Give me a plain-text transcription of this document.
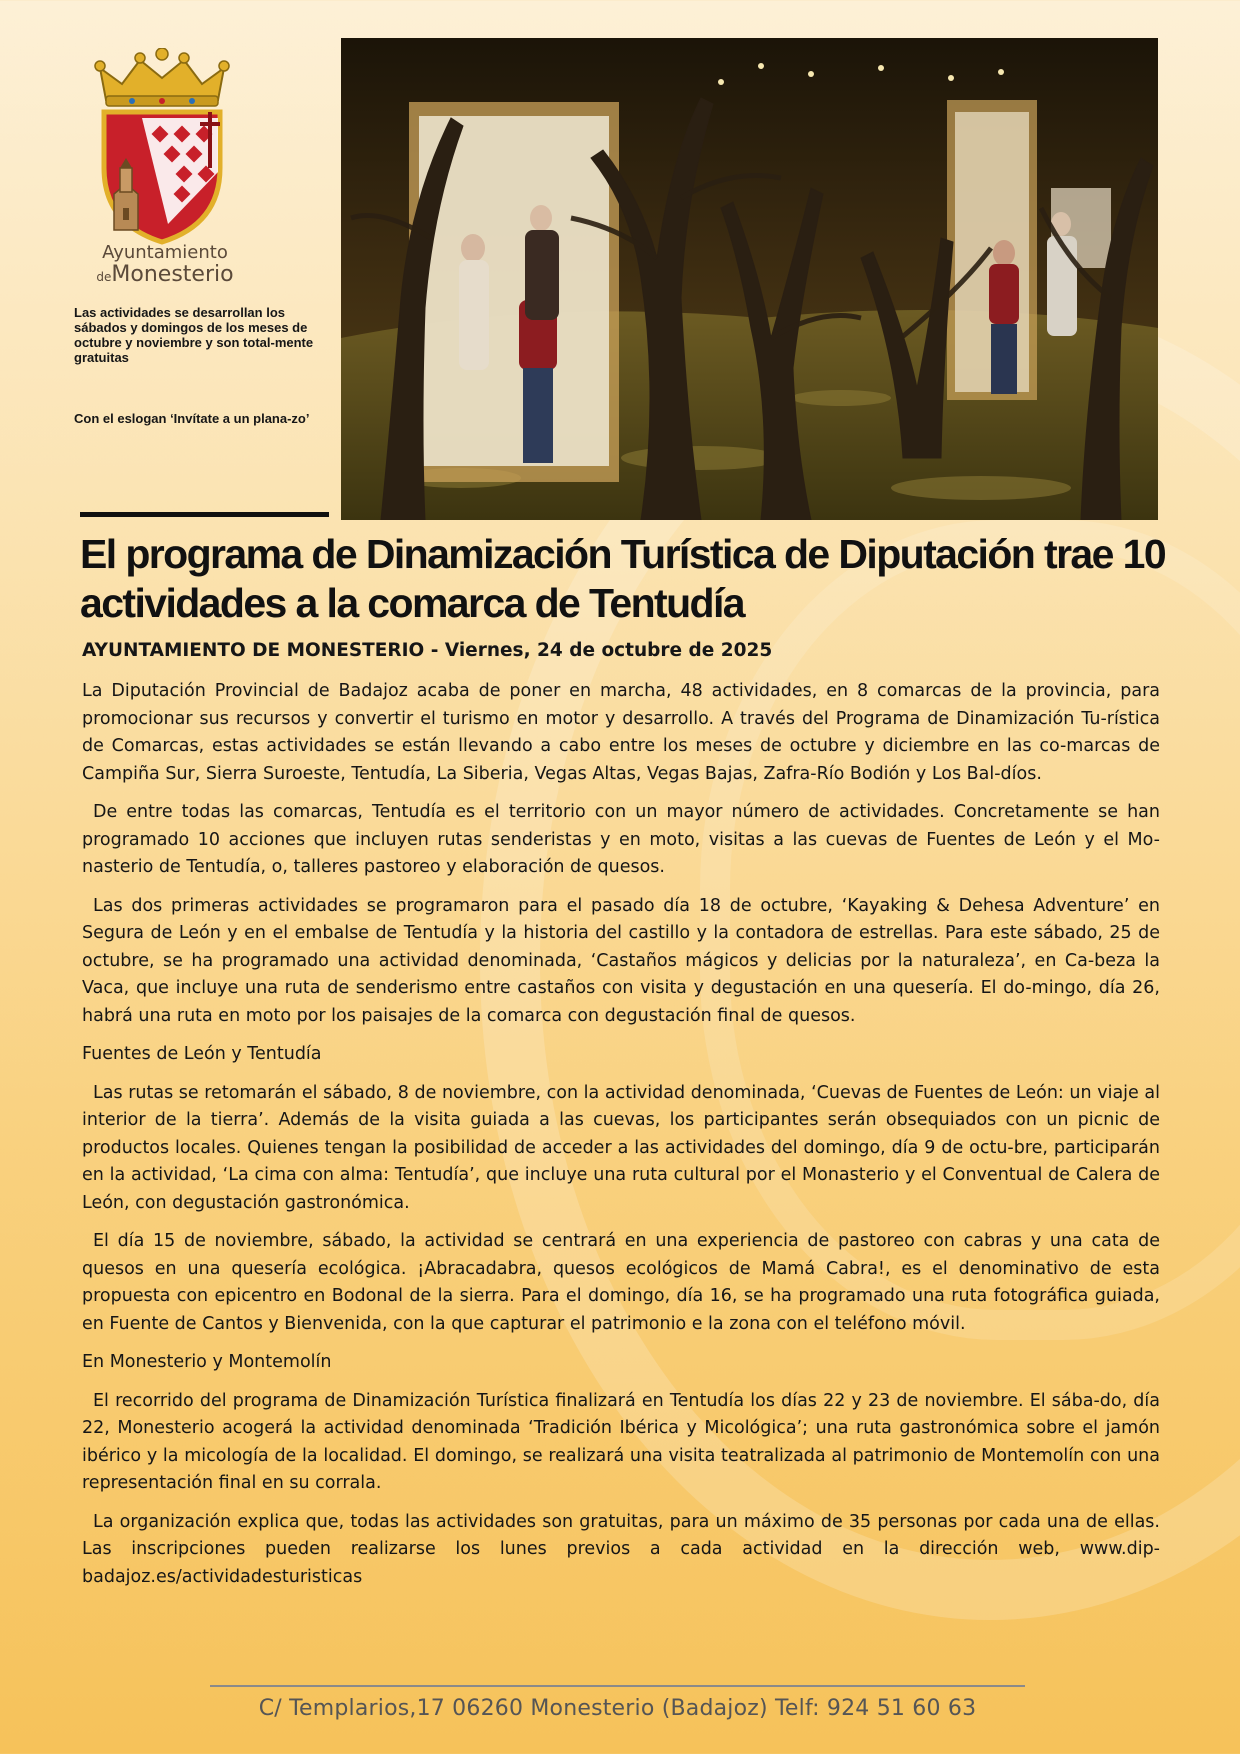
Ayuntamiento
deMonesterio
Las actividades se desarrollan los sábados y domingos de los meses de octubre y noviembre y son total-mente gratuitas
Con el eslogan ‘Invítate a un plana-zo’
El programa de Dinamización Turística de Diputación trae 10 actividades a la comarca de Tentudía
AYUNTAMIENTO DE MONESTERIO - Viernes, 24 de octubre de 2025

La Diputación Provincial de Badajoz acaba de poner en marcha, 48 actividades, en 8 comarcas de la provincia, para promocionar sus recursos y convertir el turismo en motor y desarrollo. A través del Programa de Dinamización Tu-rística de Comarcas, estas actividades se están llevando a cabo entre los meses de octubre y diciembre en las co-marcas de Campiña Sur, Sierra Suroeste, Tentudía, La Siberia, Vegas Altas, Vegas Bajas, Zafra-Río Bodión y Los Bal-díos.

De entre todas las comarcas, Tentudía es el territorio con un mayor número de actividades. Concretamente se han programado 10 acciones que incluyen rutas senderistas y en moto, visitas a las cuevas de Fuentes de León y el Mo-nasterio de Tentudía, o, talleres pastoreo y elaboración de quesos.

Las dos primeras actividades se programaron para el pasado día 18 de octubre, ‘Kayaking & Dehesa Adventure’ en Segura de León y en el embalse de Tentudía y la historia del castillo y la contadora de estrellas. Para este sábado, 25 de octubre, se ha programado una actividad denominada, ‘Castaños mágicos y delicias por la naturaleza’, en Ca-beza la Vaca, que incluye una ruta de senderismo entre castaños con visita y degustación en una quesería. El do-mingo, día 26, habrá una ruta en moto por los paisajes de la comarca con degustación final de quesos.

Fuentes de León y Tentudía

Las rutas se retomarán el sábado, 8 de noviembre, con la actividad denominada, ‘Cuevas de Fuentes de León: un viaje al interior de la tierra’. Además de la visita guiada a las cuevas, los participantes serán obsequiados con un picnic de productos locales. Quienes tengan la posibilidad de acceder a las actividades del domingo, día 9 de octu-bre, participarán en la actividad, ‘La cima con alma: Tentudía’, que incluye una ruta cultural por el Monasterio y el Conventual de Calera de León, con degustación gastronómica.

El día 15 de noviembre, sábado, la actividad se centrará en una experiencia de pastoreo con cabras y una cata de quesos en una quesería ecológica. ¡Abracadabra, quesos ecológicos de Mamá Cabra!, es el denominativo de esta propuesta con epicentro en Bodonal de la sierra. Para el domingo, día 16, se ha programado una ruta fotográfica guiada, en Fuente de Cantos y Bienvenida, con la que capturar el patrimonio e la zona con el teléfono móvil.

En Monesterio y Montemolín

El recorrido del programa de Dinamización Turística finalizará en Tentudía los días 22 y 23 de noviembre. El sába-do, día 22, Monesterio acogerá la actividad denominada ‘Tradición Ibérica y Micológica’; una ruta gastronómica sobre el jamón ibérico y la micología de la localidad. El domingo, se realizará una visita teatralizada al patrimonio de Montemolín con una representación final en su corrala.

La organización explica que, todas las actividades son gratuitas, para un máximo de 35 personas por cada una de ellas. Las inscripciones pueden realizarse los lunes previos a cada actividad en la dirección web, www.dip-badajoz.es/actividadesturisticas

C/ Templarios,17 06260 Monesterio (Badajoz) Telf: 924 51 60 63
